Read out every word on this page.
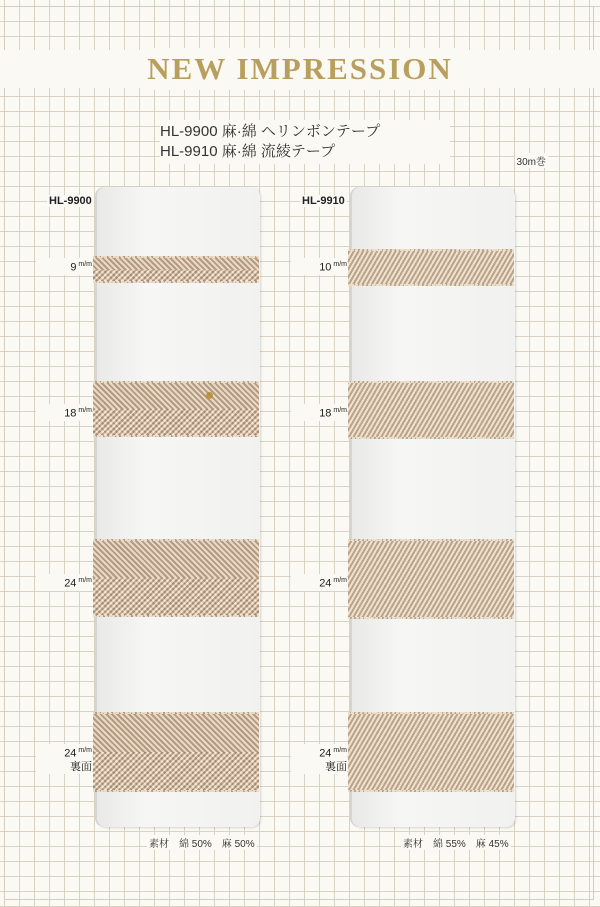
NEW IMPRESSION
HL-9900 麻·綿 ヘリンボンテープ
HL-9910 麻·綿 流綾テープ
30m巻
HL-9900	HL-9910
9 $^{m/m}$
18 $^{m/m}$
24 $^{m/m}$
24 $^{m/m}$
裏面
10 $^{m/m}$
18 $^{m/m}$
24 $^{m/m}$
24 $^{m/m}$
裏面
素材　綿 50%　麻 50%	素材　綿 55%　麻 45%
